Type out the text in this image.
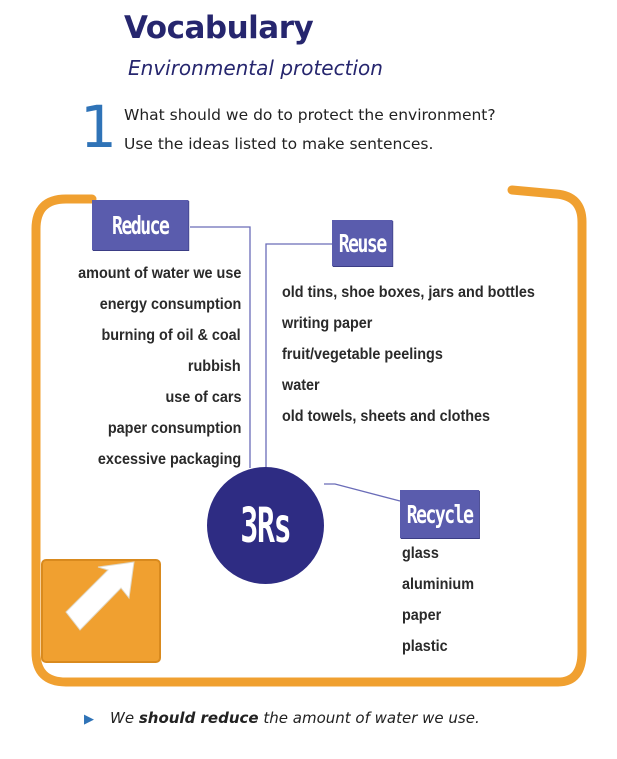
Vocabulary
Environmental protection
1 What should we do to protect the environment?
Use the ideas listed to make sentences.
Reduce
amount of water we use
energy consumption
burning of oil & coal
rubbish
use of cars
paper consumption
excessive packaging
Reuse
old tins, shoe boxes, jars and bottles
writing paper
fruit/vegetable peelings
water
old towels, sheets and clothes
3Rs	Recycle
glass
aluminium
paper
plastic
▶ We should reduce the amount of water we use.
